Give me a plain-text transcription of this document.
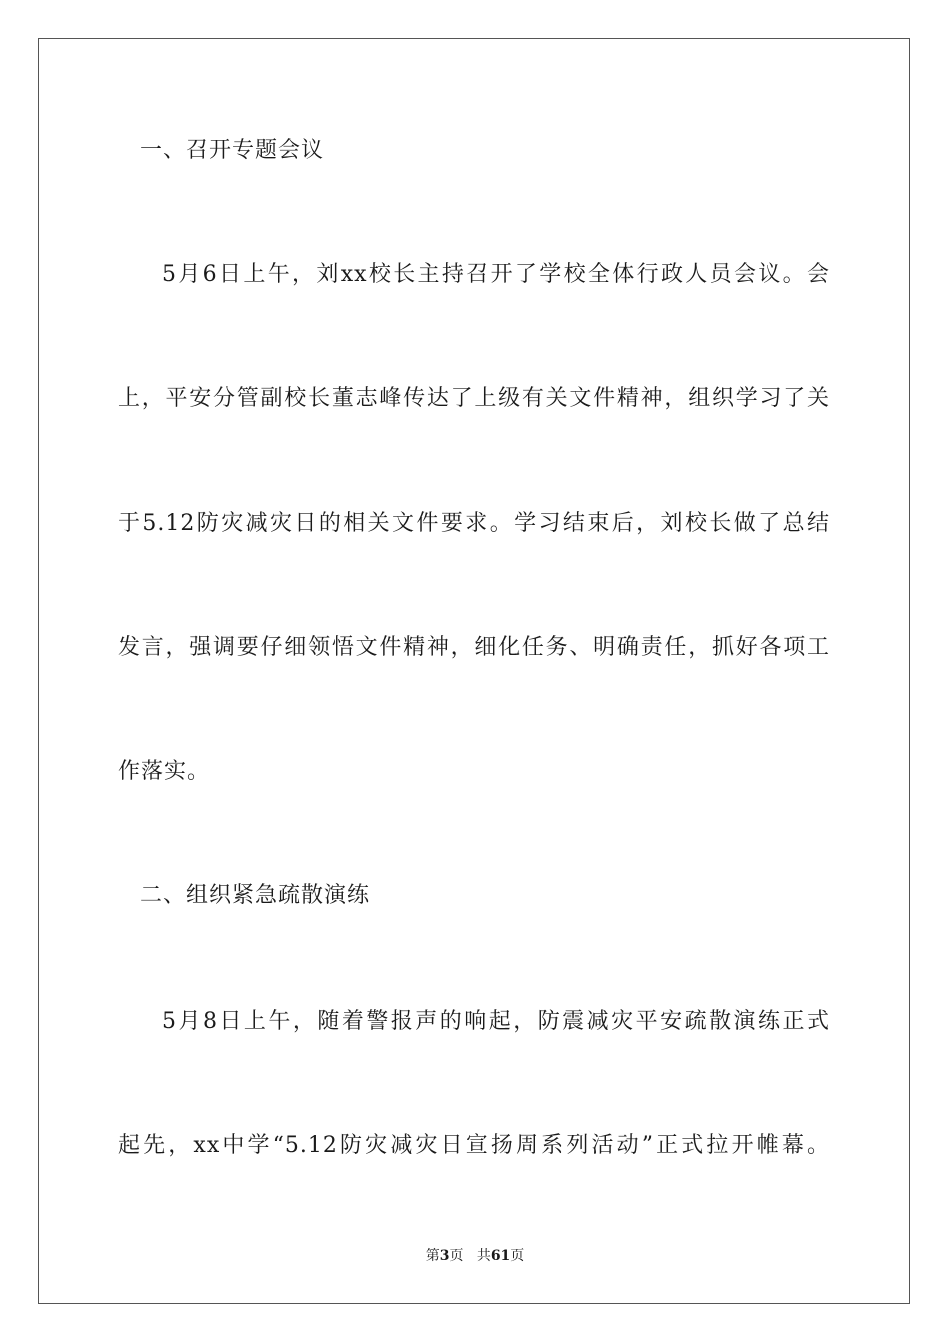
一、召开专题会议
5月6日上午，刘xx校长主持召开了学校全体行政人员会议。会
上，平安分管副校长董志峰传达了上级有关文件精神，组织学习了关
于5.12防灾减灾日的相关文件要求。学习结束后，刘校长做了总结
发言，强调要仔细领悟文件精神，细化任务、明确责任，抓好各项工
作落实。
二、组织紧急疏散演练
5月8日上午，随着警报声的响起，防震减灾平安疏散演练正式
起先，xx中学“5.12防灾减灾日宣扬周系列活动”正式拉开帷幕。
第3页 共61页
